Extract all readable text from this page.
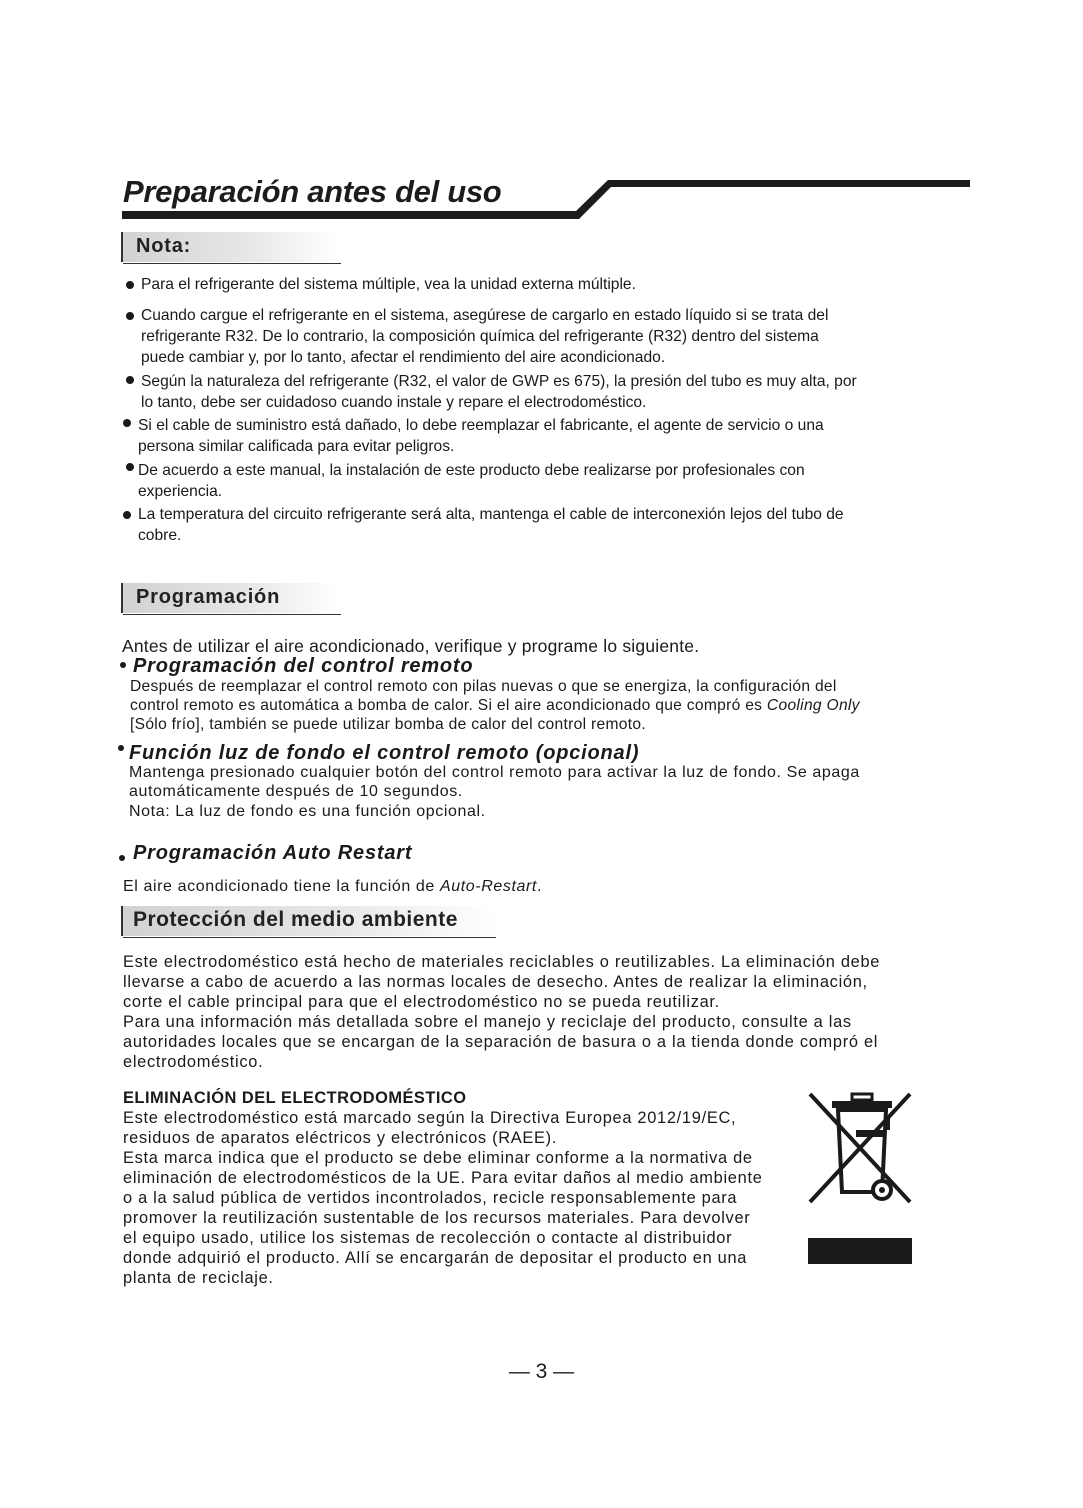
Preparación antes del uso
Nota:
Para el refrigerante del sistema múltiple, vea la unidad externa múltiple.
Cuando cargue el refrigerante en el sistema, asegúrese de cargarlo en estado líquido si se trata del
refrigerante R32. De lo contrario, la composición química del refrigerante (R32) dentro del sistema
puede cambiar y, por lo tanto, afectar el rendimiento del aire acondicionado.
Según la naturaleza del refrigerante (R32, el valor de GWP es 675), la presión del tubo es muy alta, por
lo tanto, debe ser cuidadoso cuando instale y repare el electrodoméstico.
Si el cable de suministro está dañado, lo debe reemplazar el fabricante, el agente de servicio o una
persona similar calificada para evitar peligros.
De acuerdo a este manual, la instalación de este producto debe realizarse por profesionales con
experiencia.
La temperatura del circuito refrigerante será alta, mantenga el cable de interconexión lejos del tubo de
cobre.
Programación
Antes de utilizar el aire acondicionado, verifique y programe lo siguiente.
Programación del control remoto
Después de reemplazar el control remoto con pilas nuevas o que se energiza, la configuración del
control remoto es automática a bomba de calor. Si el aire acondicionado que compró es Cooling Only
[Sólo frío], también se puede utilizar bomba de calor del control remoto.
Función luz de fondo el control remoto (opcional)
Mantenga presionado cualquier botón del control remoto para activar la luz de fondo. Se apaga
automáticamente después de 10 segundos.
Nota: La luz de fondo es una función opcional.
Programación Auto Restart
El aire acondicionado tiene la función de Auto-Restart.
Protección del medio ambiente
Este electrodoméstico está hecho de materiales reciclables o reutilizables. La eliminación debe
llevarse a cabo de acuerdo a las normas locales de desecho. Antes de realizar la eliminación,
corte el cable principal para que el electrodoméstico no se pueda reutilizar.
Para una información más detallada sobre el manejo y reciclaje del producto, consulte a las
autoridades locales que se encargan de la separación de basura o a la tienda donde compró el
electrodoméstico.
ELIMINACIÓN DEL ELECTRODOMÉSTICO
Este electrodoméstico está marcado según la Directiva Europea 2012/19/EC,
residuos de aparatos eléctricos y electrónicos (RAEE).
Esta marca indica que el producto se debe eliminar conforme a la normativa de
eliminación de electrodomésticos de la UE. Para evitar daños al medio ambiente
o a la salud pública de vertidos incontrolados, recicle responsablemente para
promover la reutilización sustentable de los recursos materiales. Para devolver
el equipo usado, utilice los sistemas de recolección o contacte al distribuidor
donde adquirió el producto. Allí se encargarán de depositar el producto en una
planta de reciclaje.
— 3 —
